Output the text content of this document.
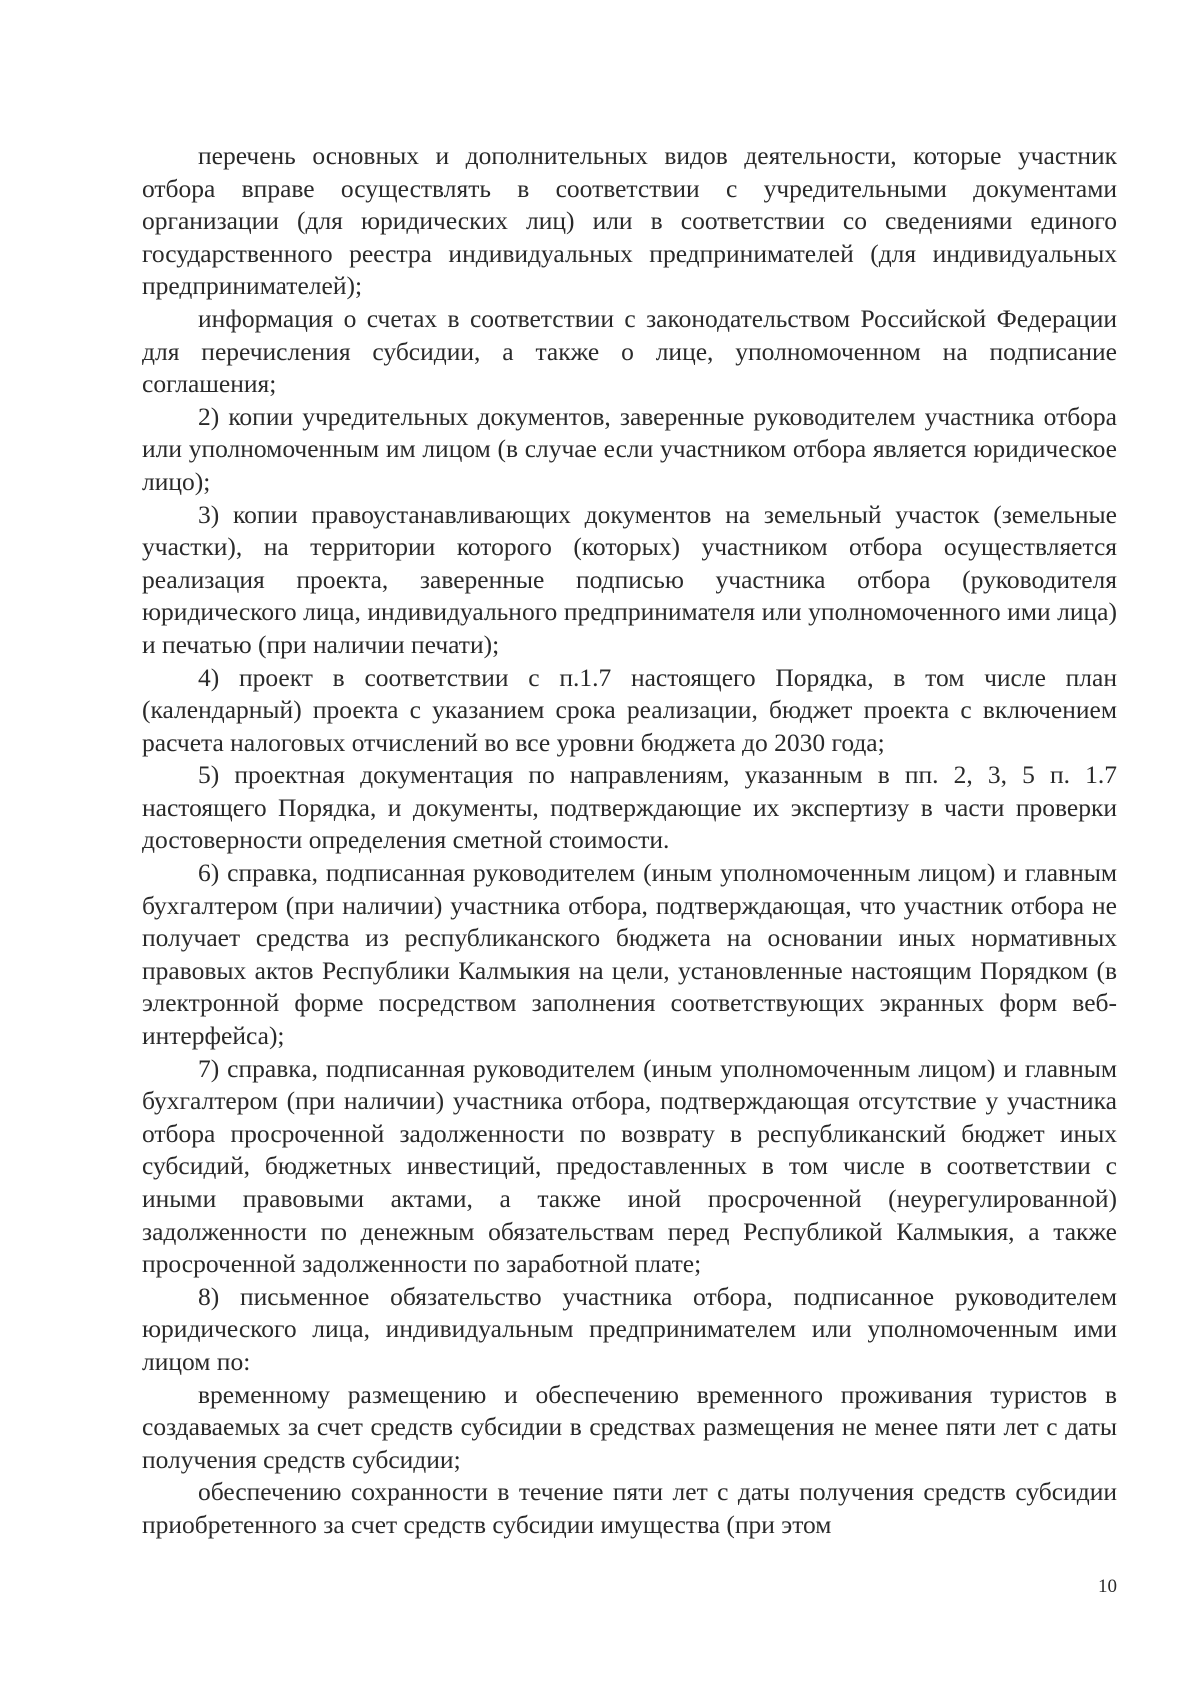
перечень основных и дополнительных видов деятельности, которые участник отбора вправе осуществлять в соответствии с учредительными документами организации (для юридических лиц) или в соответствии со сведениями единого государственного реестра индивидуальных предпринимателей (для индивидуальных предпринимателей);

информация о счетах в соответствии с законодательством Российской Федерации для перечисления субсидии, а также о лице, уполномоченном на подписание соглашения;

2) копии учредительных документов, заверенные руководителем участника отбора или уполномоченным им лицом (в случае если участником отбора является юридическое лицо);

3) копии правоустанавливающих документов на земельный участок (земельные участки), на территории которого (которых) участником отбора осуществляется реализация проекта, заверенные подписью участника отбора (руководителя юридического лица, индивидуального предпринимателя или уполномоченного ими лица) и печатью (при наличии печати);

4) проект в соответствии с п.1.7 настоящего Порядка, в том числе план (календарный) проекта с указанием срока реализации, бюджет проекта с включением расчета налоговых отчислений во все уровни бюджета до 2030 года;

5) проектная документация по направлениям, указанным в пп. 2, 3, 5 п. 1.7 настоящего Порядка, и документы, подтверждающие их экспертизу в части проверки достоверности определения сметной стоимости.

6) справка, подписанная руководителем (иным уполномоченным лицом) и главным бухгалтером (при наличии) участника отбора, подтверждающая, что участник отбора не получает средства из республиканского бюджета на основании иных нормативных правовых актов Республики Калмыкия на цели, установленные настоящим Порядком (в электронной форме посредством заполнения соответствующих экранных форм веб-интерфейса);

7) справка, подписанная руководителем (иным уполномоченным лицом) и главным бухгалтером (при наличии) участника отбора, подтверждающая отсутствие у участника отбора просроченной задолженности по возврату в республиканский бюджет иных субсидий, бюджетных инвестиций, предоставленных в том числе в соответствии с иными правовыми актами, а также иной просроченной (неурегулированной) задолженности по денежным обязательствам перед Республикой Калмыкия, а также просроченной задолженности по заработной плате;

8) письменное обязательство участника отбора, подписанное руководителем юридического лица, индивидуальным предпринимателем или уполномоченным ими лицом по:

временному размещению и обеспечению временного проживания туристов в создаваемых за счет средств субсидии в средствах размещения не менее пяти лет с даты получения средств субсидии;

обеспечению сохранности в течение пяти лет с даты получения средств субсидии приобретенного за счет средств субсидии имущества (при этом

10
